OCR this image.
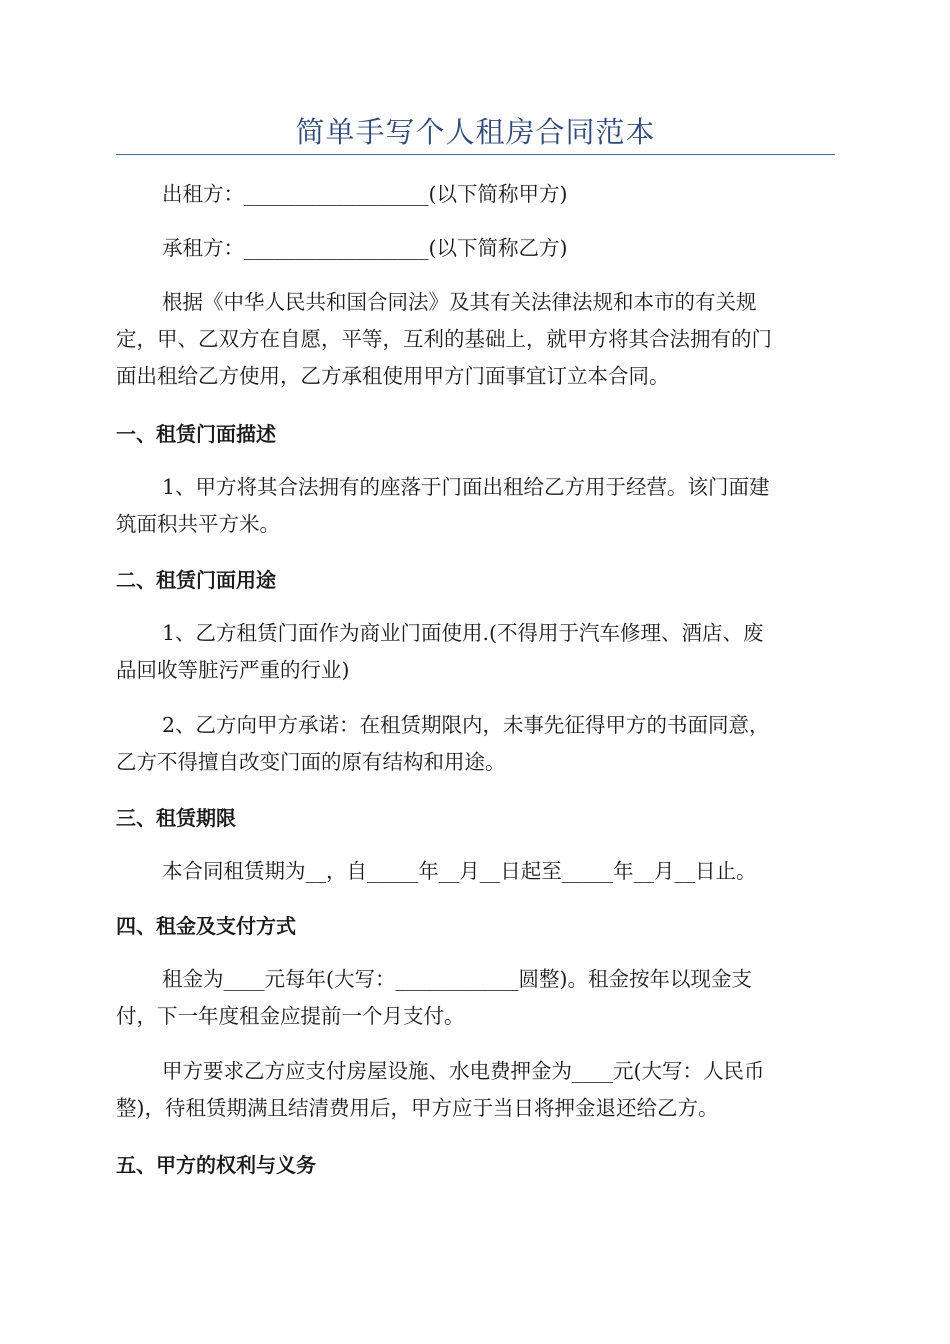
简单手写个人租房合同范本
出租方：__________________(以下简称甲方)
承租方：__________________(以下简称乙方)
根据《中华人民共和国合同法》及其有关法律法规和本市的有关规
定，甲、乙双方在自愿，平等，互利的基础上，就甲方将其合法拥有的门
面出租给乙方使用，乙方承租使用甲方门面事宜订立本合同。
一、租赁门面描述
1、甲方将其合法拥有的座落于门面出租给乙方用于经营。该门面建
筑面积共平方米。
二、租赁门面用途
1、乙方租赁门面作为商业门面使用.(不得用于汽车修理、酒店、废
品回收等脏污严重的行业)
2、乙方向甲方承诺：在租赁期限内，未事先征得甲方的书面同意，
乙方不得擅自改变门面的原有结构和用途。
三、租赁期限
本合同租赁期为__，自_____年__月__日起至_____年__月__日止。
四、租金及支付方式
租金为____元每年(大写：____________圆整)。租金按年以现金支
付，下一年度租金应提前一个月支付。
甲方要求乙方应支付房屋设施、水电费押金为____元(大写：人民币
整)，待租赁期满且结清费用后，甲方应于当日将押金退还给乙方。
五、甲方的权利与义务
